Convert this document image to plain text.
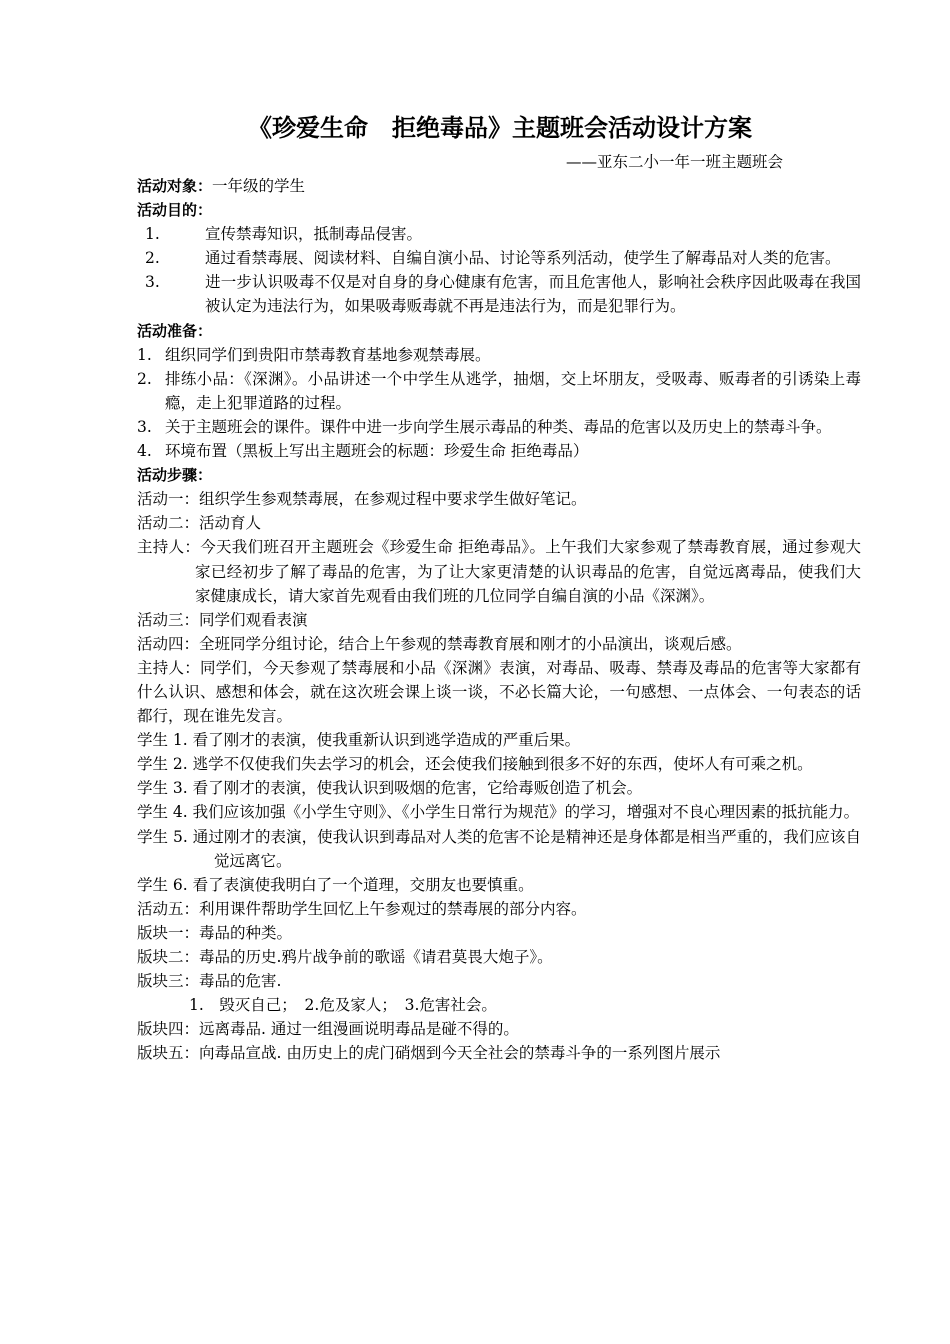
《珍爱生命　拒绝毒品》主题班会活动设计方案
——亚东二小一年一班主题班会

活动对象：一年级的学生

活动目的：

1.	宣传禁毒知识，抵制毒品侵害。
2.	通过看禁毒展、阅读材料、自编自演小品、讨论等系列活动，使学生了解毒品对人类的危害。
3.	进一步认识吸毒不仅是对自身的身心健康有危害，而且危害他人，影响社会秩序因此吸毒在我国被认定为违法行为，如果吸毒贩毒就不再是违法行为，而是犯罪行为。

活动准备：

1. 组织同学们到贵阳市禁毒教育基地参观禁毒展。
2. 排练小品：《深渊》。小品讲述一个中学生从逃学，抽烟，交上坏朋友，受吸毒、贩毒者的引诱染上毒瘾，走上犯罪道路的过程。
3. 关于主题班会的课件。课件中进一步向学生展示毒品的种类、毒品的危害以及历史上的禁毒斗争。
4. 环境布置（黑板上写出主题班会的标题：珍爱生命 拒绝毒品）

活动步骤：

活动一：组织学生参观禁毒展，在参观过程中要求学生做好笔记。

活动二：活动育人

主持人：今天我们班召开主题班会《珍爱生命 拒绝毒品》。上午我们大家参观了禁毒教育展，通过参观大家已经初步了解了毒品的危害，为了让大家更清楚的认识毒品的危害，自觉远离毒品，使我们大家健康成长，请大家首先观看由我们班的几位同学自编自演的小品《深渊》。

活动三：同学们观看表演

活动四：全班同学分组讨论，结合上午参观的禁毒教育展和刚才的小品演出，谈观后感。

主持人：同学们，今天参观了禁毒展和小品《深渊》表演，对毒品、吸毒、禁毒及毒品的危害等大家都有什么认识、感想和体会，就在这次班会课上谈一谈，不必长篇大论，一句感想、一点体会、一句表态的话都行，现在谁先发言。

学生 1. 看了刚才的表演，使我重新认识到逃学造成的严重后果。

学生 2. 逃学不仅使我们失去学习的机会，还会使我们接触到很多不好的东西，使坏人有可乘之机。

学生 3. 看了刚才的表演，使我认识到吸烟的危害，它给毒贩创造了机会。

学生 4. 我们应该加强《小学生守则》、《小学生日常行为规范》的学习，增强对不良心理因素的抵抗能力。

学生 5. 通过刚才的表演，使我认识到毒品对人类的危害不论是精神还是身体都是相当严重的，我们应该自觉远离它。

学生 6. 看了表演使我明白了一个道理，交朋友也要慎重。

活动五：利用课件帮助学生回忆上午参观过的禁毒展的部分内容。

版块一：毒品的种类。

版块二：毒品的历史.鸦片战争前的歌谣《请君莫畏大炮子》。

版块三：毒品的危害.

1.　毁灭自己；　2.危及家人；　3.危害社会。

版块四：远离毒品. 通过一组漫画说明毒品是碰不得的。

版块五：向毒品宣战. 由历史上的虎门硝烟到今天全社会的禁毒斗争的一系列图片展示
